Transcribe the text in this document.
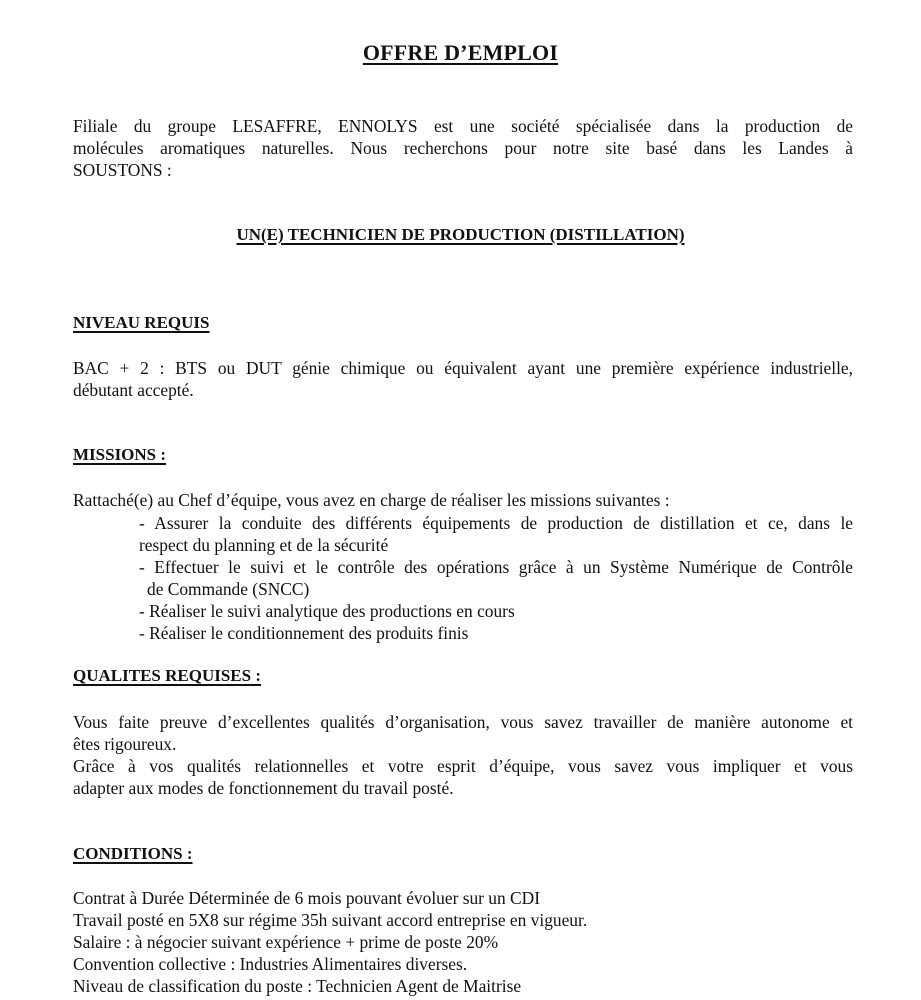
OFFRE D’EMPLOI
Filiale du groupe LESAFFRE, ENNOLYS est une société spécialisée dans la production de
molécules aromatiques naturelles. Nous recherchons pour notre site basé dans les Landes à
SOUSTONS :
UN(E) TECHNICIEN DE PRODUCTION (DISTILLATION)
NIVEAU REQUIS
BAC + 2 : BTS ou DUT génie chimique ou équivalent ayant une première expérience industrielle,
débutant accepté.
MISSIONS :
Rattaché(e) au Chef d’équipe, vous avez en charge de réaliser les missions suivantes :
- Assurer la conduite des différents équipements de production de distillation et ce, dans le
respect du planning et de la sécurité
- Effectuer le suivi et le contrôle des opérations grâce à un Système Numérique de Contrôle
de Commande (SNCC)
- Réaliser le suivi analytique des productions en cours
- Réaliser le conditionnement des produits finis
QUALITES REQUISES :
Vous faite preuve d’excellentes qualités d’organisation, vous savez travailler de manière autonome et
êtes rigoureux.
Grâce à vos qualités relationnelles et votre esprit d’équipe, vous savez vous impliquer et vous
adapter aux modes de fonctionnement du travail posté.
CONDITIONS :
Contrat à Durée Déterminée de 6 mois pouvant évoluer sur un CDI
Travail posté en 5X8 sur régime 35h suivant accord entreprise en vigueur.
Salaire : à négocier suivant expérience + prime de poste 20%
Convention collective : Industries Alimentaires diverses.
Niveau de classification du poste : Technicien Agent de Maitrise
